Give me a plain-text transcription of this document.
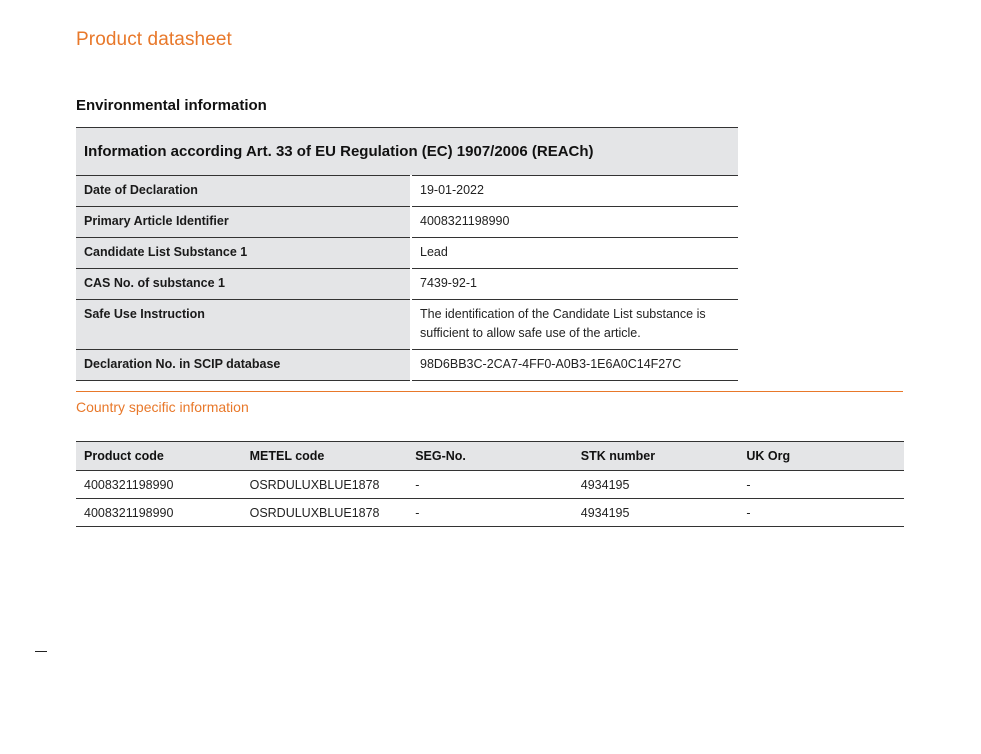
Product datasheet
Environmental information
Information according Art. 33 of EU Regulation (EC) 1907/2006 (REACh)	
Date of Declaration	19-01-2022
Primary Article Identifier	4008321198990
Candidate List Substance 1	Lead
CAS No. of substance 1	7439-92-1
Safe Use Instruction	The identification of the Candidate List substance is sufficient to allow safe use of the article.
Declaration No. in SCIP database	98D6BB3C-2CA7-4FF0-A0B3-1E6A0C14F27C
Country specific information
Product code	METEL code	SEG-No.	STK number	UK Org
4008321198990	OSRDULUXBLUE1878	-	4934195	-
4008321198990	OSRDULUXBLUE1878	-	4934195	-
